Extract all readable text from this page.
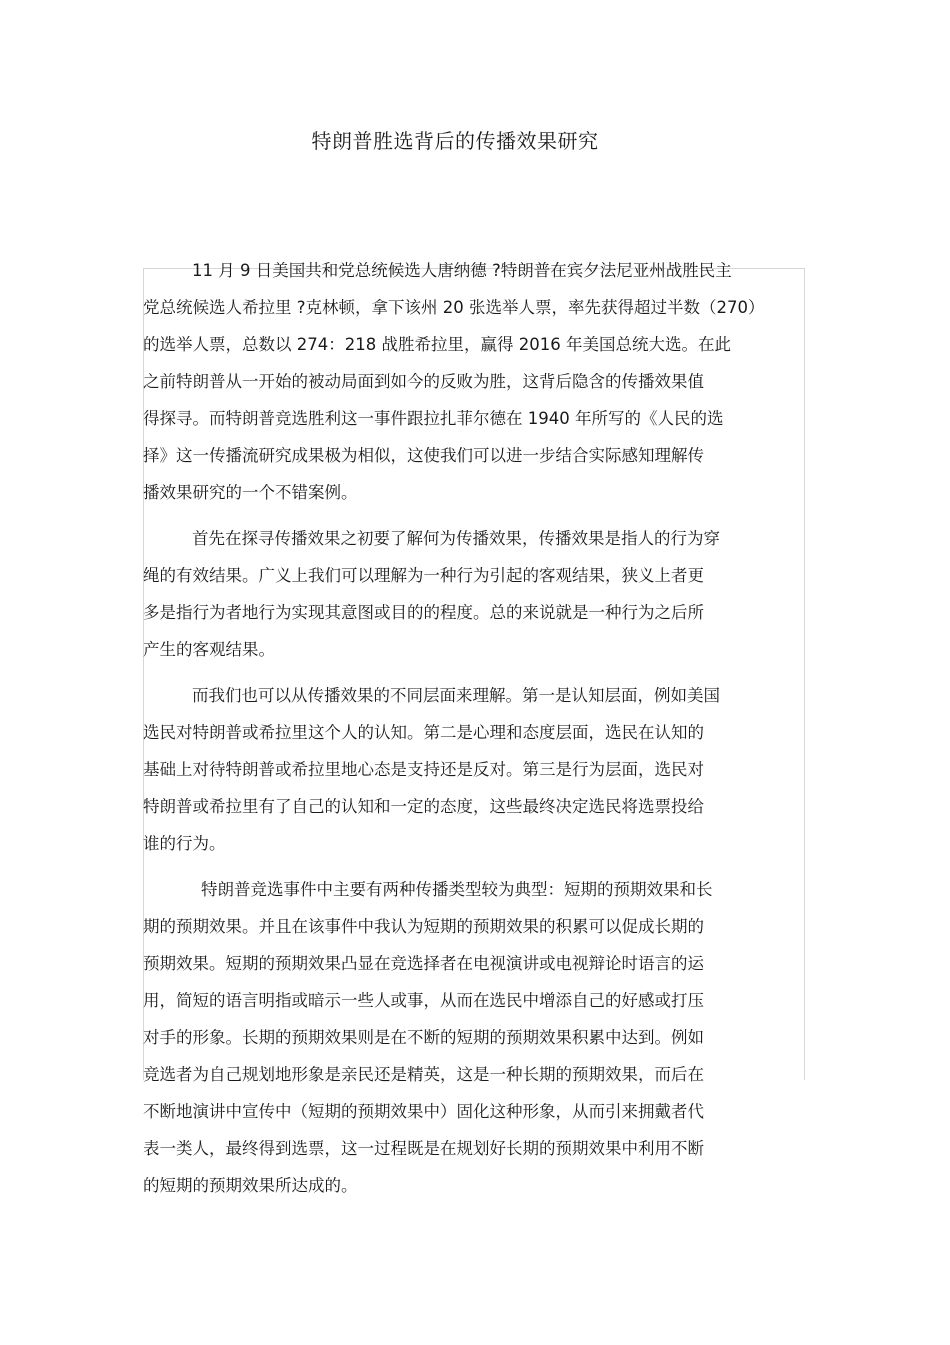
特朗普胜选背后的传播效果研究
11 月 9 日美国共和党总统候选人唐纳德 ?特朗普在宾夕法尼亚州战胜民主
党总统候选人希拉里 ?克林顿，拿下该州 20 张选举人票，率先获得超过半数（270）
的选举人票，总数以 274：218 战胜希拉里，赢得 2016 年美国总统大选。在此
之前特朗普从一开始的被动局面到如今的反败为胜，这背后隐含的传播效果值
得探寻。而特朗普竞选胜利这一事件跟拉扎菲尔德在 1940 年所写的《人民的选
择》这一传播流研究成果极为相似，这使我们可以进一步结合实际感知理解传
播效果研究的一个不错案例。
首先在探寻传播效果之初要了解何为传播效果，传播效果是指人的行为穿
绳的有效结果。广义上我们可以理解为一种行为引起的客观结果，狭义上者更
多是指行为者地行为实现其意图或目的的程度。总的来说就是一种行为之后所
产生的客观结果。
而我们也可以从传播效果的不同层面来理解。第一是认知层面，例如美国
选民对特朗普或希拉里这个人的认知。第二是心理和态度层面，选民在认知的
基础上对待特朗普或希拉里地心态是支持还是反对。第三是行为层面，选民对
特朗普或希拉里有了自己的认知和一定的态度，这些最终决定选民将选票投给
谁的行为。
特朗普竞选事件中主要有两种传播类型较为典型：短期的预期效果和长
期的预期效果。并且在该事件中我认为短期的预期效果的积累可以促成长期的
预期效果。短期的预期效果凸显在竞选择者在电视演讲或电视辩论时语言的运
用，简短的语言明指或暗示一些人或事，从而在选民中增添自己的好感或打压
对手的形象。长期的预期效果则是在不断的短期的预期效果积累中达到。例如
竞选者为自己规划地形象是亲民还是精英，这是一种长期的预期效果，而后在
不断地演讲中宣传中（短期的预期效果中）固化这种形象，从而引来拥戴者代
表一类人，最终得到选票，这一过程既是在规划好长期的预期效果中利用不断
的短期的预期效果所达成的。
